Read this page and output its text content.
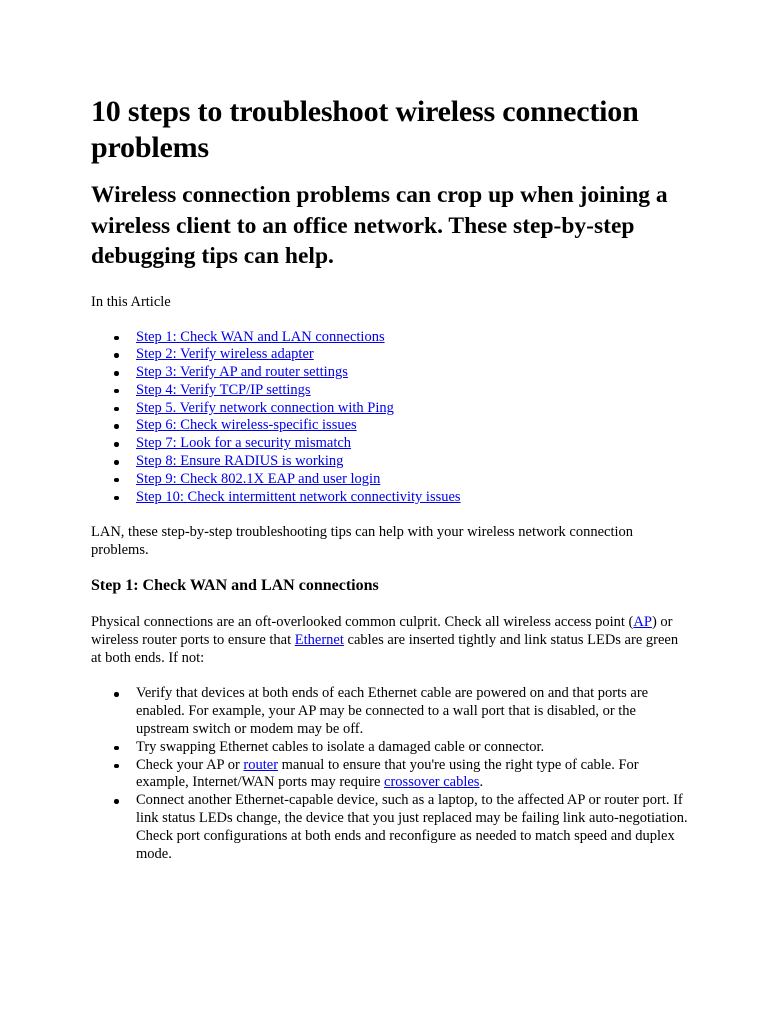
10 steps to troubleshoot wireless connection problems
Wireless connection problems can crop up when joining a wireless client to an office network. These step-by-step debugging tips can help.

In this Article

Step 1: Check WAN and LAN connections
Step 2: Verify wireless adapter
Step 3: Verify AP and router settings
Step 4: Verify TCP/IP settings
Step 5. Verify network connection with Ping
Step 6: Check wireless-specific issues
Step 7: Look for a security mismatch
Step 8: Ensure RADIUS is working
Step 9: Check 802.1X EAP and user login
Step 10: Check intermittent network connectivity issues

LAN, these step-by-step troubleshooting tips can help with your wireless network connection problems.

Step 1: Check WAN and LAN connections

Physical connections are an oft-overlooked common culprit. Check all wireless access point (AP) or wireless router ports to ensure that Ethernet cables are inserted tightly and link status LEDs are green at both ends. If not:

Verify that devices at both ends of each Ethernet cable are powered on and that ports are enabled. For example, your AP may be connected to a wall port that is disabled, or the upstream switch or modem may be off.
Try swapping Ethernet cables to isolate a damaged cable or connector.
Check your AP or router manual to ensure that you're using the right type of cable. For example, Internet/WAN ports may require crossover cables.
Connect another Ethernet-capable device, such as a laptop, to the affected AP or router port. If link status LEDs change, the device that you just replaced may be failing link auto-negotiation. Check port configurations at both ends and reconfigure as needed to match speed and duplex mode.
